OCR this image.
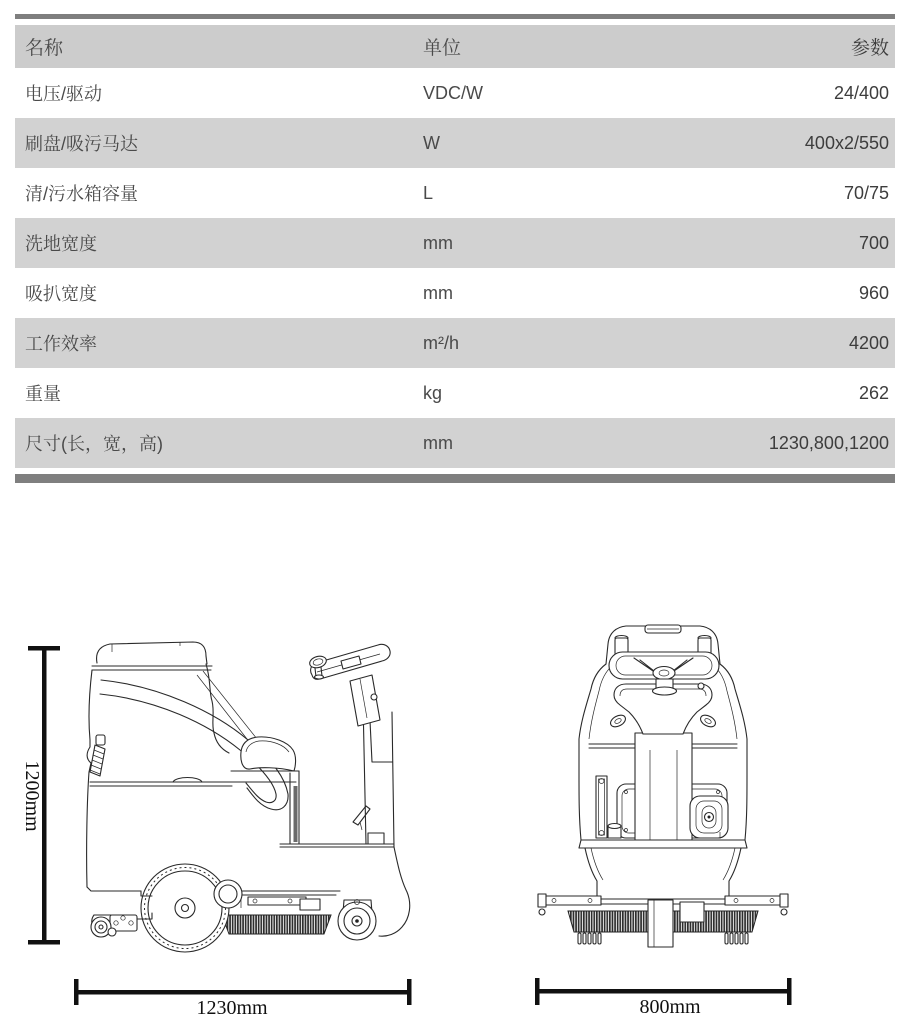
名称	单位	参数
电压/驱动	VDC/W	24/400
刷盘/吸污马达	W	400x2/550
清/污水箱容量	L	70/75
洗地宽度	mm	700
吸扒宽度	mm	960
工作效率	m²/h	4200
重量	kg	262
尺寸(长，宽，高)	mm	1230,800,1200
1200mm
1230mm	800mm
